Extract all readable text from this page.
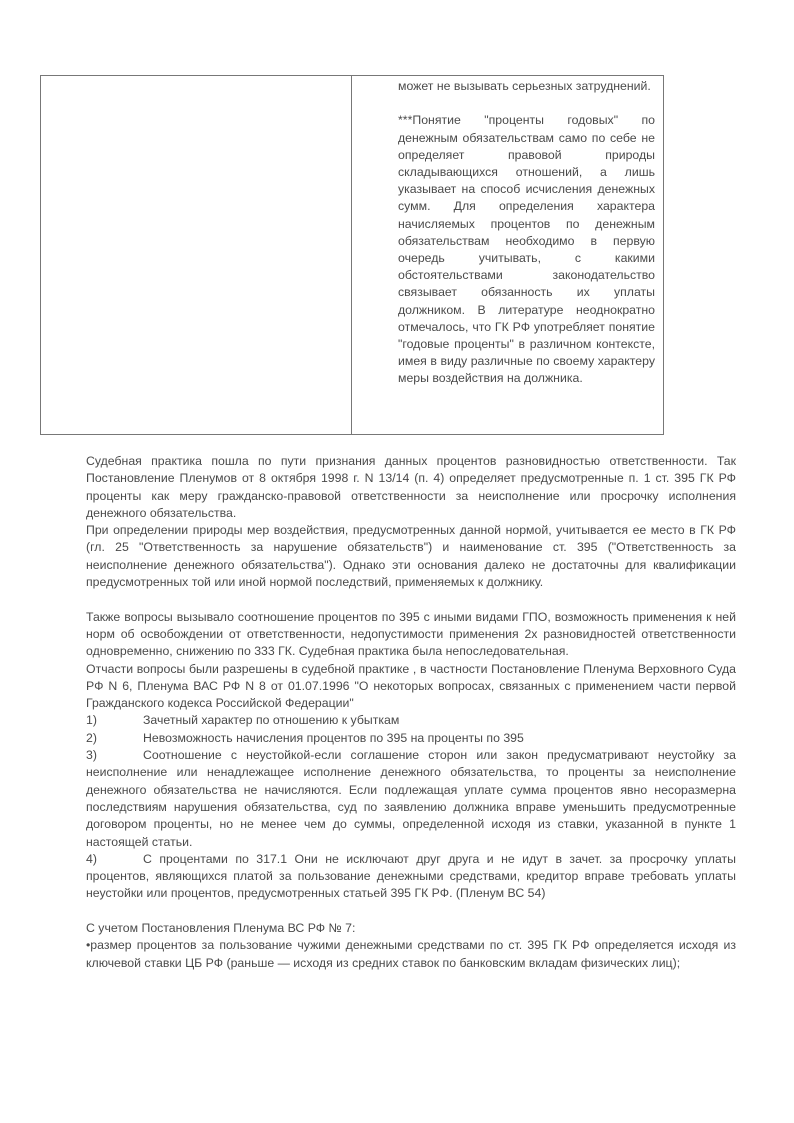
может не вызывать серьезных затруднений.

***Понятие "проценты годовых" по денежным обязательствам само по себе не определяет правовой природы складывающихся отношений, а лишь указывает на способ исчисления денежных сумм. Для определения характера начисляемых процентов по денежным обязательствам необходимо в первую очередь учитывать, с какими обстоятельствами законодательство связывает обязанность их уплаты должником. В литературе неоднократно отмечалось, что ГК РФ употребляет понятие "годовые проценты" в различном контексте, имея в виду различные по своему характеру меры воздействия на должника.

Судебная практика пошла по пути признания данных процентов разновидностью ответственности. Так Постановление Пленумов от 8 октября 1998 г. N 13/14 (п. 4) определяет предусмотренные п. 1 ст. 395 ГК РФ проценты как меру гражданско-правовой ответственности за неисполнение или просрочку исполнения денежного обязательства.

При определении природы мер воздействия, предусмотренных данной нормой, учитывается ее место в ГК РФ (гл. 25 "Ответственность за нарушение обязательств") и наименование ст. 395 ("Ответственность за неисполнение денежного обязательства"). Однако эти основания далеко не достаточны для квалификации предусмотренных той или иной нормой последствий, применяемых к должнику.

Также вопросы вызывало соотношение процентов по 395 с иными видами ГПО, возможность применения к ней норм об освобождении от ответственности, недопустимости применения 2х разновидностей ответственности одновременно, снижению по 333 ГК. Судебная практика была непоследовательная.

Отчасти вопросы были разрешены в судебной практике , в частности Постановление Пленума Верховного Суда РФ N 6, Пленума ВАС РФ N 8 от 01.07.1996 "О некоторых вопросах, связанных с применением части первой Гражданского кодекса Российской Федерации"

1)	Зачетный характер по отношению к убыткам

2)	Невозможность начисления процентов по 395 на проценты по 395

3)	Соотношение с неустойкой-если соглашение сторон или закон предусматривают неустойку за неисполнение или ненадлежащее исполнение денежного обязательства, то проценты за неисполнение денежного обязательства не начисляются. Если подлежащая уплате сумма процентов явно несоразмерна последствиям нарушения обязательства, суд по заявлению должника вправе уменьшить предусмотренные договором проценты, но не менее чем до суммы, определенной исходя из ставки, указанной в пункте 1 настоящей статьи.

4)	С процентами по 317.1 Они не исключают друг друга и не идут в зачет. за просрочку уплаты процентов, являющихся платой за пользование денежными средствами, кредитор вправе требовать уплаты неустойки или процентов, предусмотренных статьей 395 ГК РФ. (Пленум ВС 54)

С учетом Постановления Пленума ВС РФ № 7:

•размер процентов за пользование чужими денежными средствами по ст. 395 ГК РФ определяется исходя из ключевой ставки ЦБ РФ (раньше — исходя из средних ставок по банковским вкладам физических лиц);
